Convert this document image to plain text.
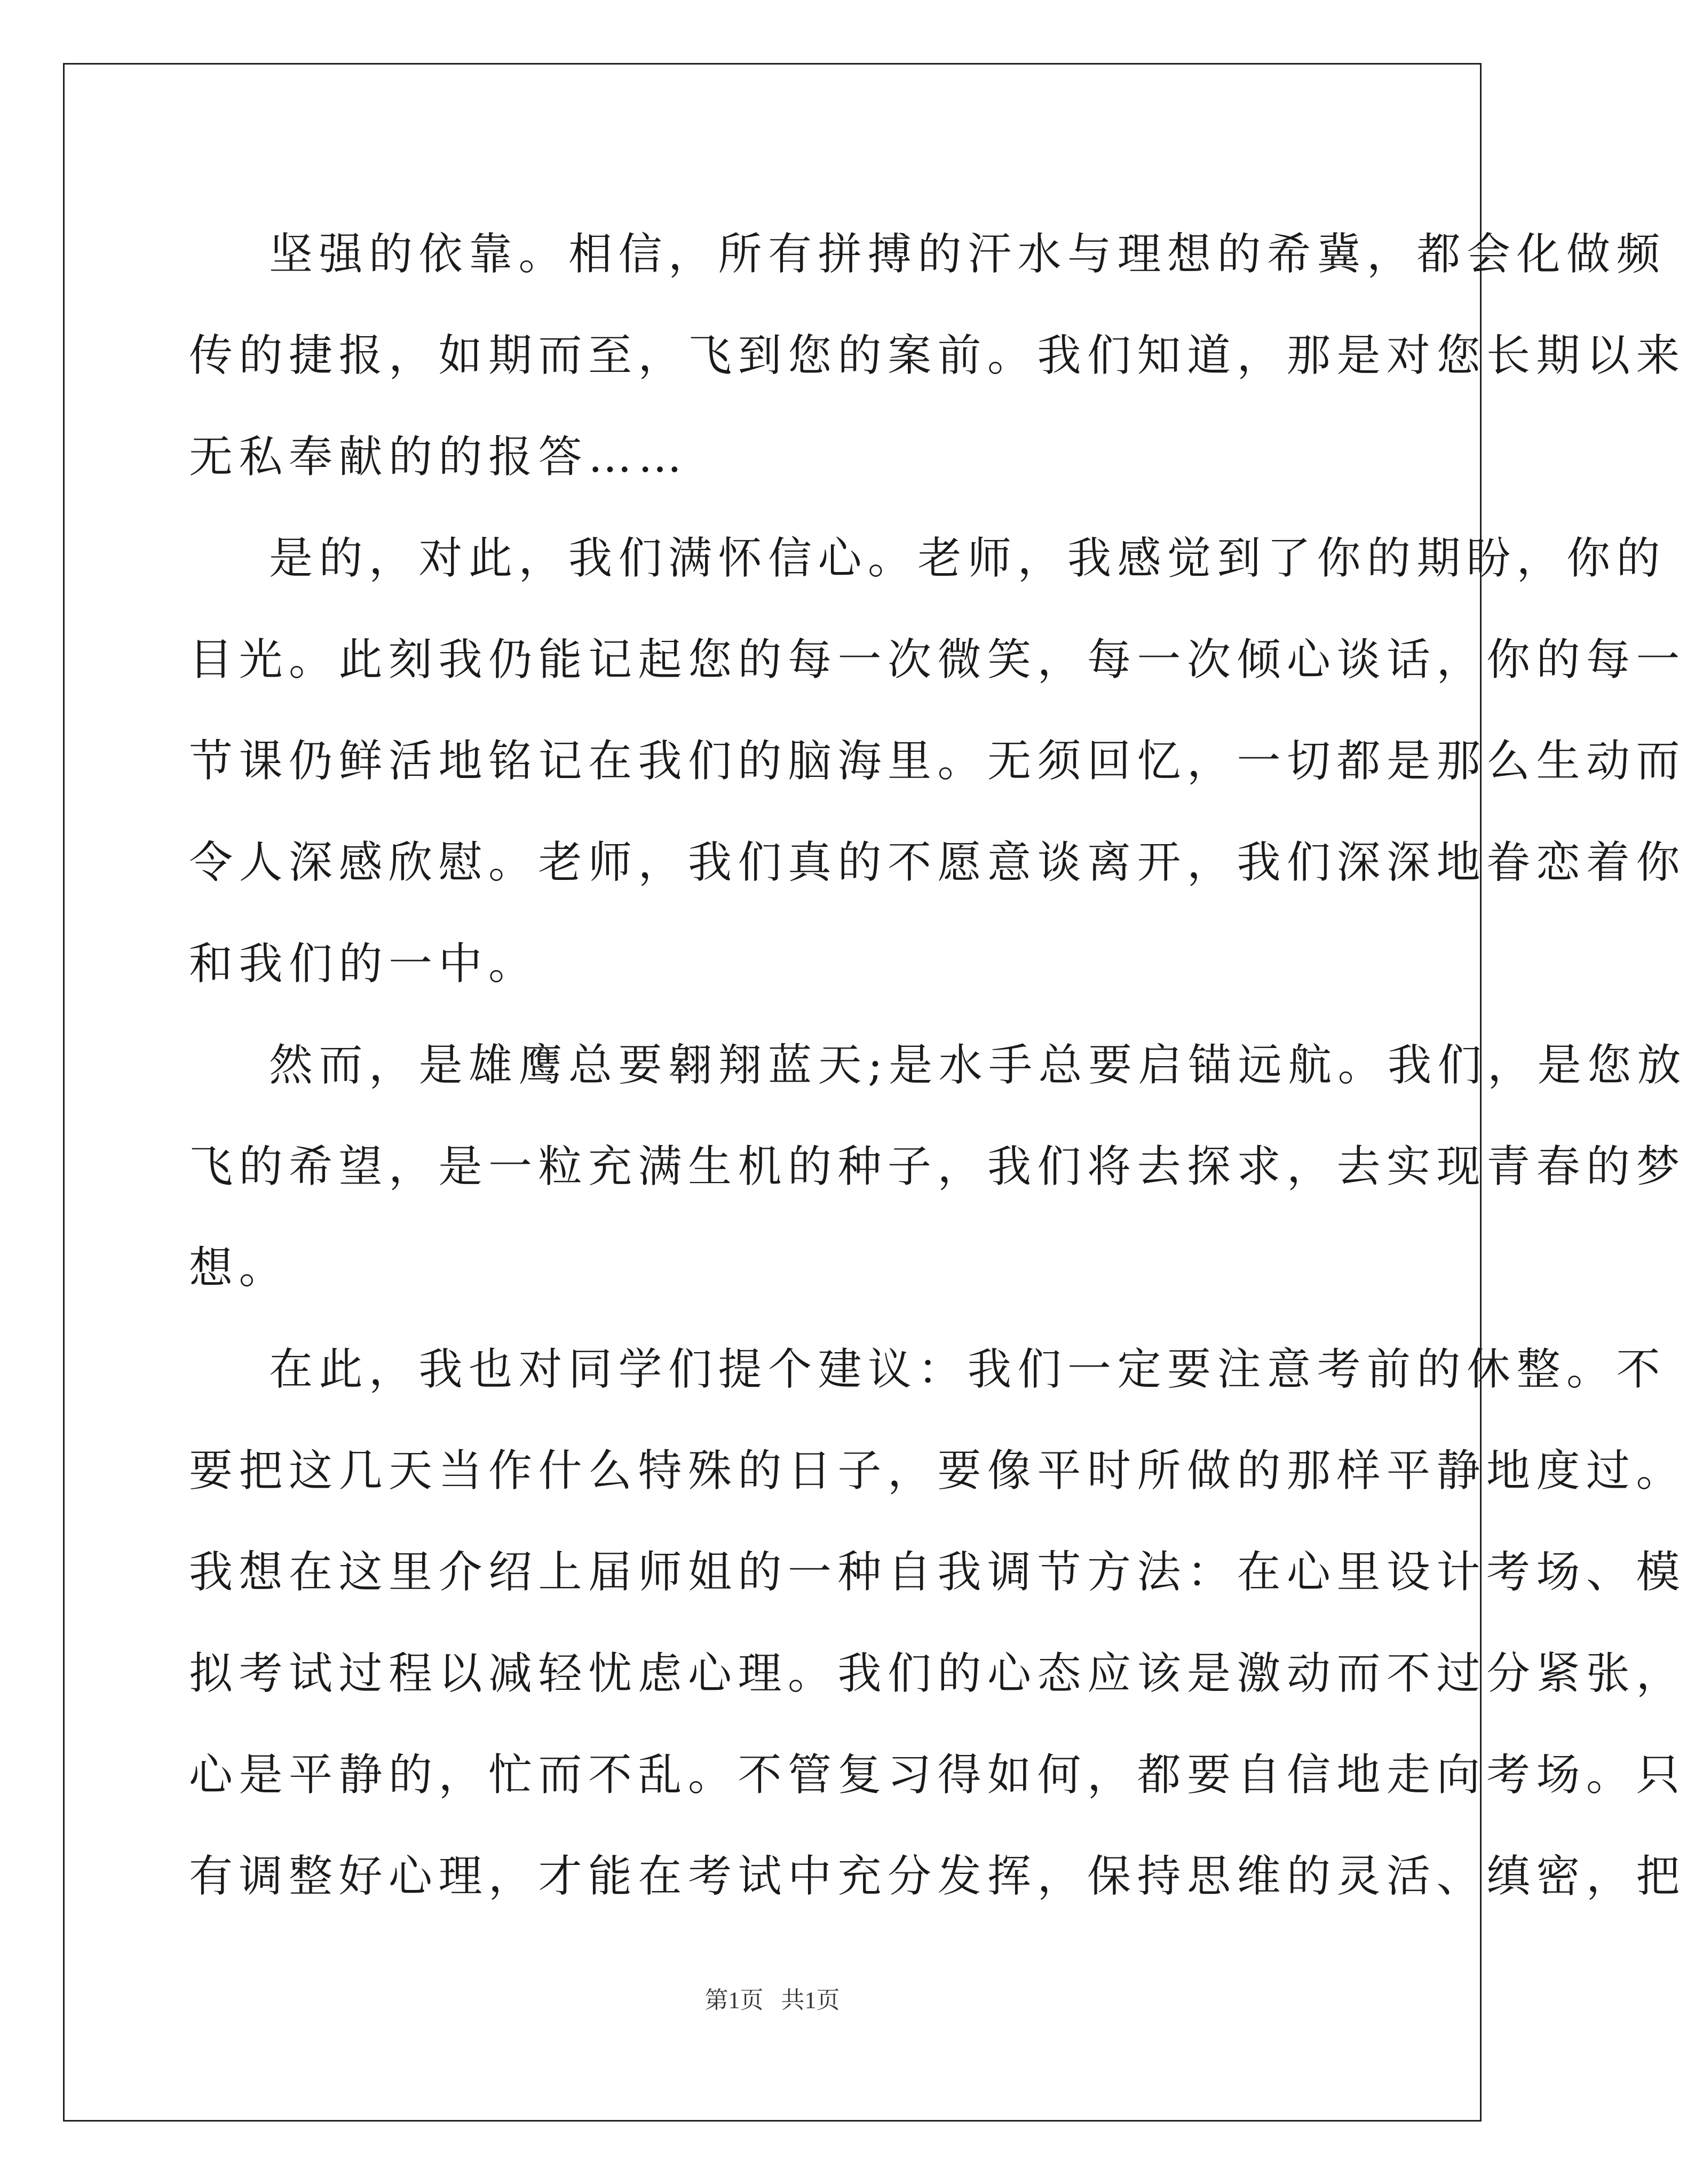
坚强的依靠。相信，所有拼搏的汗水与理想的希冀，都会化做频
传的捷报，如期而至，飞到您的案前。我们知道，那是对您长期以来
无私奉献的的报答……
是的，对此，我们满怀信心。老师，我感觉到了你的期盼，你的
目光。此刻我仍能记起您的每一次微笑，每一次倾心谈话，你的每一
节课仍鲜活地铭记在我们的脑海里。无须回忆，一切都是那么生动而
令人深感欣慰。老师，我们真的不愿意谈离开，我们深深地眷恋着你
和我们的一中。
然而，是雄鹰总要翱翔蓝天;是水手总要启锚远航。我们，是您放
飞的希望，是一粒充满生机的种子，我们将去探求，去实现青春的梦
想。
在此，我也对同学们提个建议：我们一定要注意考前的休整。不
要把这几天当作什么特殊的日子，要像平时所做的那样平静地度过。
我想在这里介绍上届师姐的一种自我调节方法：在心里设计考场、模
拟考试过程以减轻忧虑心理。我们的心态应该是激动而不过分紧张，
心是平静的，忙而不乱。不管复习得如何，都要自信地走向考场。只
有调整好心理，才能在考试中充分发挥，保持思维的灵活、缜密，把
第1页   共1页
